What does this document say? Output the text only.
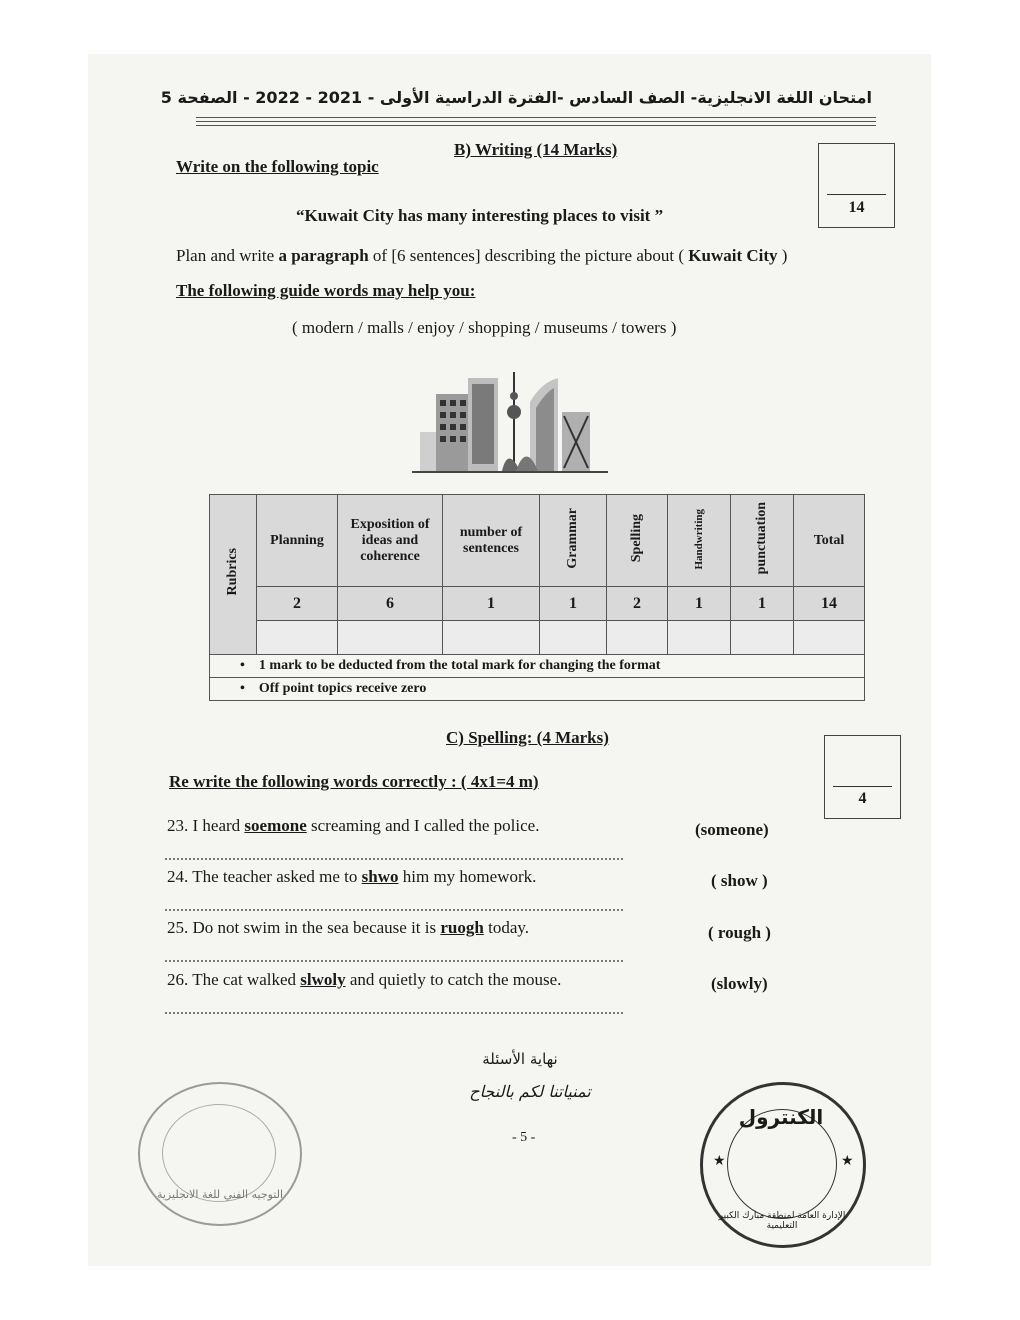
امتحان اللغة الانجليزية- الصف السادس -الفترة الدراسية الأولى - 2021 - 2022 - الصفحة 5
B) Writing (14 Marks)
Write on the following topic
14
“Kuwait City has many interesting places to visit ”
Plan and write a paragraph of [6 sentences] describing the picture about ( Kuwait City )
The following guide words may help you:
( modern / malls / enjoy / shopping / museums / towers )
Rubrics	Planning	Exposition of ideas and coherence	number of sentences	Grammar	Spelling	Handwriting	punctuation	Total
	2	6	1	1	2	1	1	14

• 1 mark to be deducted from the total mark for changing the format								
• Off point topics receive zero								
C) Spelling: (4 Marks)
Re write the following words correctly : ( 4x1=4 m)
4
23. I heard soemone screaming and I called the police.	(someone)
24. The teacher asked me to shwo him my homework.	( show )
25. Do not swim in the sea because it is ruogh today.	( rough )
26. The cat walked slwoly and quietly to catch the mouse.	(slowly)
نهاية الأسئلة
تمنياتنا لكم بالنجاح
- 5 -
التوجيه الفني للغة الانجليزية
الكنترول
★	★
الإدارة العامة لمنطقة مبارك الكبير التعليمية
